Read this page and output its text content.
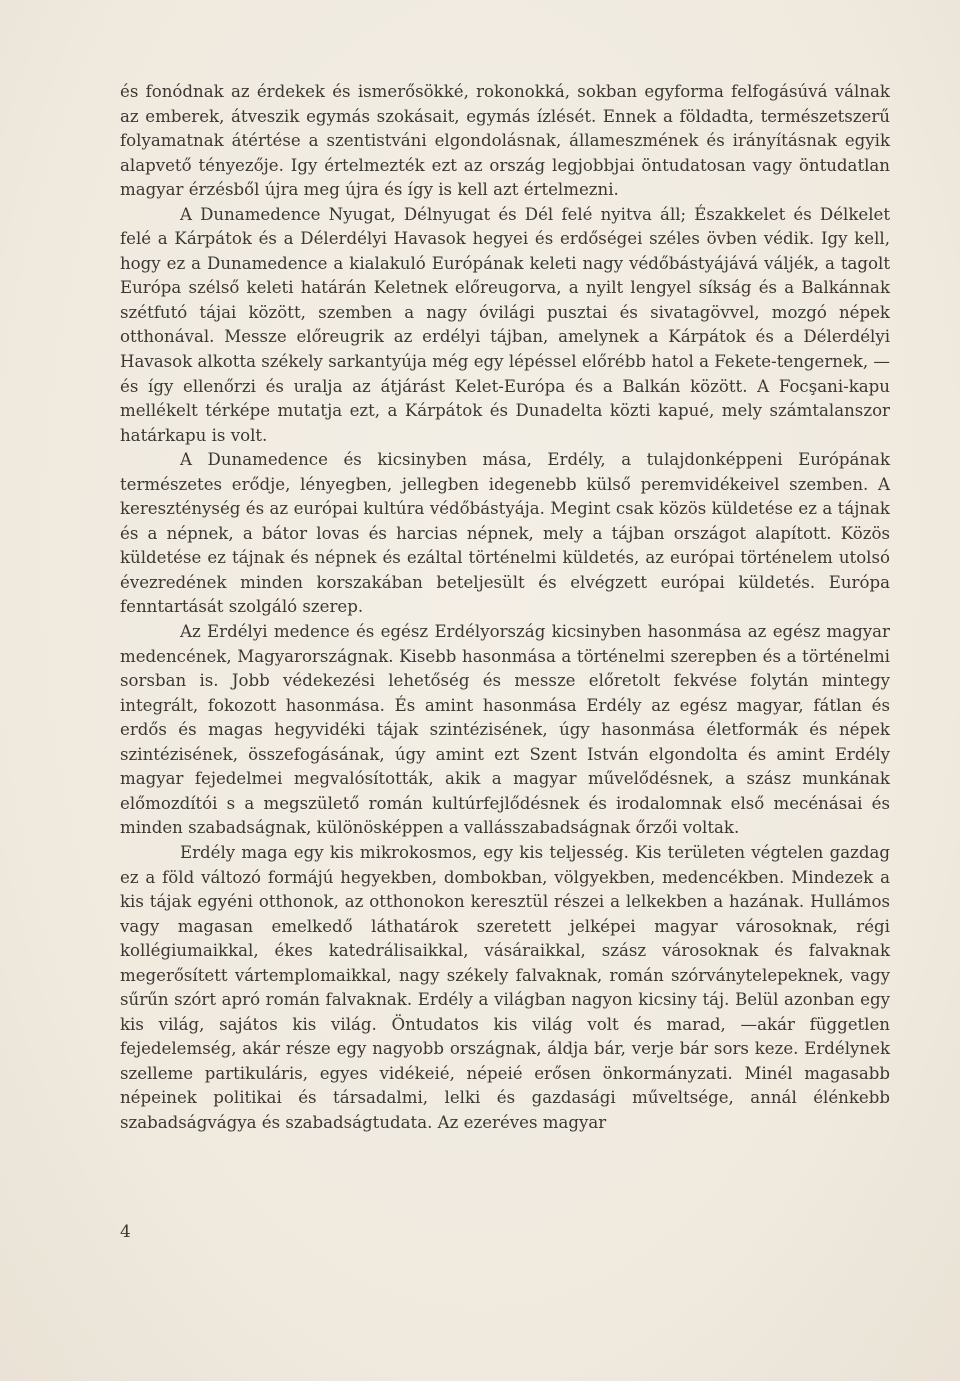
és fonódnak az érdekek és ismerősökké, rokonokká, sokban egyforma felfogásúvá válnak az emberek, átveszik egymás szokásait, egymás ízlését. Ennek a földadta, természetszerű folyamatnak átértése a szentistváni elgondolásnak, állameszmének és irányításnak egyik alapvető tényezője. Igy értelmezték ezt az ország legjobbjai öntudatosan vagy öntudatlan magyar érzésből újra meg újra és így is kell azt értelmezni.

A Dunamedence Nyugat, Délnyugat és Dél felé nyitva áll; Északkelet és Délkelet felé a Kárpátok és a Délerdélyi Havasok hegyei és erdőségei széles övben védik. Igy kell, hogy ez a Dunamedence a kialakuló Európának keleti nagy védőbástyájává váljék, a tagolt Európa szélső keleti határán Keletnek előreugorva, a nyilt lengyel síkság és a Balkánnak szétfutó tájai között, szemben a nagy óvilági pusztai és sivatagövvel, mozgó népek otthonával. Messze előreugrik az erdélyi tájban, amelynek a Kárpátok és a Délerdélyi Havasok alkotta székely sarkantyúja még egy lépéssel előrébb hatol a Fekete-tengernek, — és így ellenőrzi és uralja az átjárást Kelet-Európa és a Balkán között. A Focşani-kapu mellékelt térképe mutatja ezt, a Kárpátok és Dunadelta közti kapué, mely számtalanszor határkapu is volt.

A Dunamedence és kicsinyben mása, Erdély, a tulajdonképpeni Európának természetes erődje, lényegben, jellegben idegenebb külső peremvidékeivel szemben. A kereszténység és az európai kultúra védőbástyája. Megint csak közös küldetése ez a tájnak és a népnek, a bátor lovas és harcias népnek, mely a tájban országot alapított. Közös küldetése ez tájnak és népnek és ezáltal történelmi küldetés, az európai történelem utolsó évezredének minden korszakában beteljesült és elvégzett európai küldetés. Európa fenntartását szolgáló szerep.

Az Erdélyi medence és egész Erdélyország kicsinyben hasonmása az egész magyar medencének, Magyarországnak. Kisebb hasonmása a történelmi szerepben és a történelmi sorsban is. Jobb védekezési lehetőség és messze előretolt fekvése folytán mintegy integrált, fokozott hasonmása. És amint hasonmása Erdély az egész magyar, fátlan és erdős és magas hegyvidéki tájak szintézisének, úgy hasonmása életformák és népek szintézisének, összefogásának, úgy amint ezt Szent István elgondolta és amint Erdély magyar fejedelmei megvalósították, akik a magyar művelődésnek, a szász munkának előmozdítói s a megszülető román kultúrfejlődésnek és irodalomnak első mecénásai és minden szabadságnak, különösképpen a vallásszabadságnak őrzői voltak.

Erdély maga egy kis mikrokosmos, egy kis teljesség. Kis területen végtelen gazdag ez a föld változó formájú hegyekben, dombokban, völgyekben, medencékben. Mindezek a kis tájak egyéni otthonok, az otthonokon keresztül részei a lelkekben a hazának. Hullámos vagy magasan emelkedő láthatárok szeretett jelképei magyar városoknak, régi kollégiumaikkal, ékes katedrálisaikkal, vásáraikkal, szász városoknak és falvaknak megerősített vártemplomaikkal, nagy székely falvaknak, román szórványtelepeknek, vagy sűrűn szórt apró román falvaknak. Erdély a világban nagyon kicsiny táj. Belül azonban egy kis világ, sajátos kis világ. Öntudatos kis világ volt és marad, —akár független fejedelemség, akár része egy nagyobb országnak, áldja bár, verje bár sors keze. Erdélynek szelleme partikuláris, egyes vidékeié, népeié erősen önkormányzati. Minél magasabb népeinek politikai és társadalmi, lelki és gazdasági műveltsége, annál élénkebb szabadságvágya és szabadságtudata. Az ezeréves magyar

4
